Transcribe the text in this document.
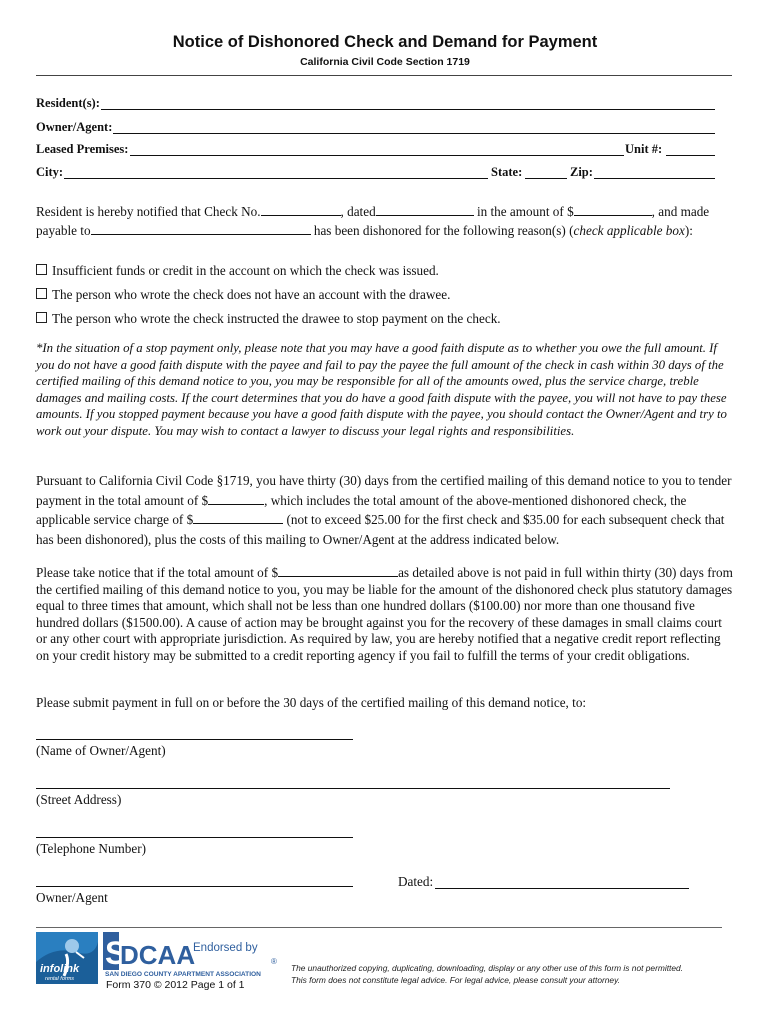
Notice of Dishonored Check and Demand for Payment
California Civil Code Section 1719
Resident(s):
Owner/Agent:
Leased Premises:	Unit #:
City:	State:	Zip:
Resident is hereby notified that Check No.	, dated	in the amount of $	, and made
payable to	has been dishonored for the following reason(s) (check applicable box):
Insufficient funds or credit in the account on which the check was issued.
The person who wrote the check does not have an account with the drawee.
The person who wrote the check instructed the drawee to stop payment on the check.
*In the situation of a stop payment only, please note that you may have a good faith dispute as to whether you owe the full amount. If you do not have a good faith dispute with the payee and fail to pay the payee the full amount of the check in cash within 30 days of the certified mailing of this demand notice to you, you may be responsible for all of the amounts owed, plus the service charge, treble damages and mailing costs. If the court determines that you do have a good faith dispute with the payee, you will not have to pay these amounts. If you stopped payment because you have a good faith dispute with the payee, you should contact the Owner/Agent and try to work out your dispute. You may wish to contact a lawyer to discuss your legal rights and responsibilities.
Pursuant to California Civil Code §1719, you have thirty (30) days from the certified mailing of this demand notice to you to tender payment in the total amount of $	, which includes the total amount of the above-mentioned dishonored check, the applicable service charge of $	(not to exceed $25.00 for the first check and $35.00 for each subsequent check that has been dishonored), plus the costs of this mailing to Owner/Agent at the address indicated below.
Please take notice that if the total amount of $	as detailed above is not paid in full within thirty (30) days from the certified mailing of this demand notice to you, you may be liable for the amount of the dishonored check plus statutory damages equal to three times that amount, which shall not be less than one hundred dollars ($100.00) nor more than one thousand five hundred dollars ($1500.00). A cause of action may be brought against you for the recovery of these damages in small claims court or any other court with appropriate jurisdiction. As required by law, you are hereby notified that a negative credit report reflecting on your credit history may be submitted to a credit reporting agency if you fail to fulfill the terms of your credit obligations.
Please submit payment in full on or before the 30 days of the certified mailing of this demand notice, to:
(Name of Owner/Agent)
(Street Address)
(Telephone Number)
Owner/Agent
Dated:
infolink
rental forms
S
DCAA
Endorsed by
®
SAN DIEGO COUNTY APARTMENT ASSOCIATION
Form 370 © 2012 Page 1 of 1
The unauthorized copying, duplicating, downloading, display or any other use of this form is not permitted.
This form does not constitute legal advice. For legal advice, please consult your attorney.
